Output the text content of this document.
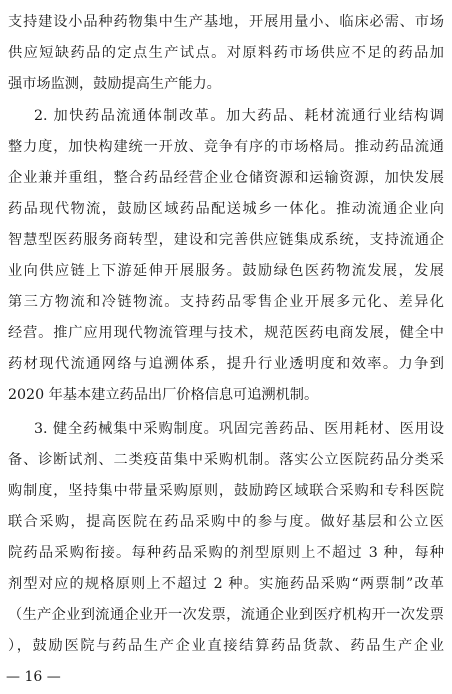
支持建设小品种药物集中生产基地，开展用量小、临床必需、市场
供应短缺药品的定点生产试点。对原料药市场供应不足的药品加
强市场监测，鼓励提高生产能力。
2. 加快药品流通体制改革。加大药品、耗材流通行业结构调
整力度，加快构建统一开放、竞争有序的市场格局。推动药品流通
企业兼并重组，整合药品经营企业仓储资源和运输资源，加快发展
药品现代物流，鼓励区域药品配送城乡一体化。推动流通企业向
智慧型医药服务商转型，建设和完善供应链集成系统，支持流通企
业向供应链上下游延伸开展服务。鼓励绿色医药物流发展，发展
第三方物流和冷链物流。支持药品零售企业开展多元化、差异化
经营。推广应用现代物流管理与技术，规范医药电商发展，健全中
药材现代流通网络与追溯体系，提升行业透明度和效率。力争到
2020 年基本建立药品出厂价格信息可追溯机制。
3. 健全药械集中采购制度。巩固完善药品、医用耗材、医用设
备、诊断试剂、二类疫苗集中采购机制。落实公立医院药品分类采
购制度，坚持集中带量采购原则，鼓励跨区域联合采购和专科医院
联合采购，提高医院在药品采购中的参与度。做好基层和公立医
院药品采购衔接。每种药品采购的剂型原则上不超过 3 种，每种
剂型对应的规格原则上不超过 2 种。实施药品采购“两票制”改革
（生产企业到流通企业开一次发票，流通企业到医疗机构开一次发票
），鼓励医院与药品生产企业直接结算药品货款、药品生产企业
— 16 —
